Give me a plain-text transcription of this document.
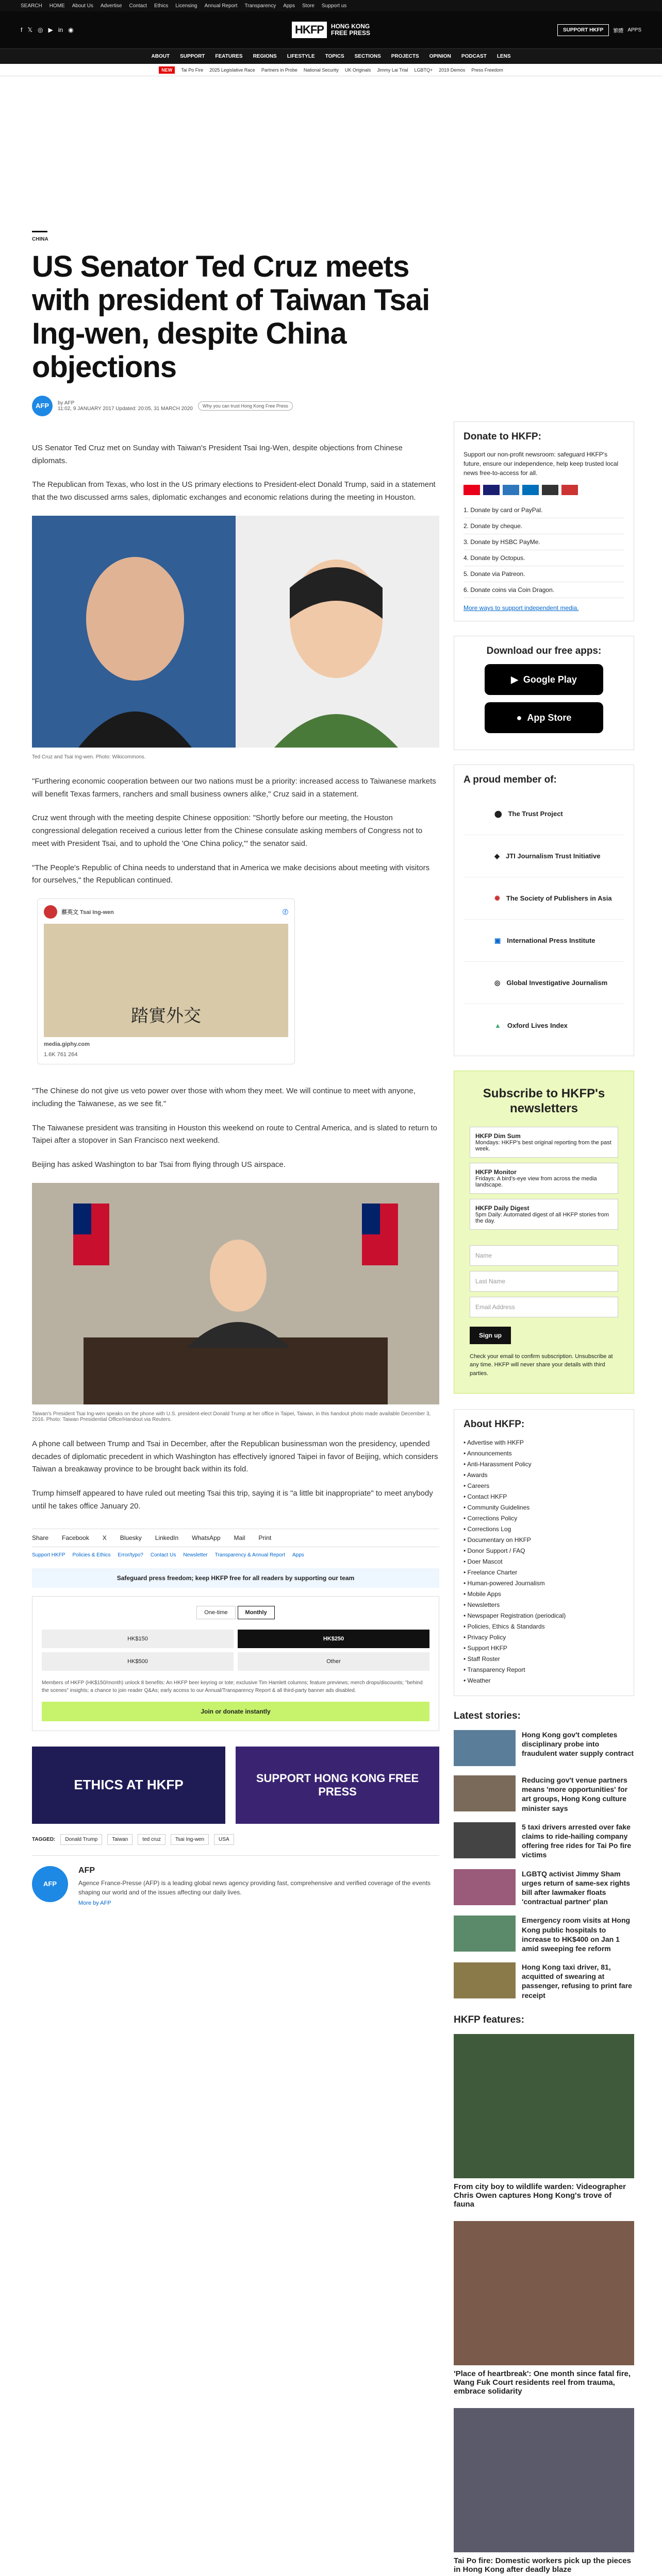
SEARCH HOME About Us Advertise Contact Ethics Licensing Annual Report Transparency Apps Store Support us
f 𝕏 ◎ ▶ in ◉	HKFP	HONG KONG
FREE PRESS	SUPPORT HKFP	繁體 APPS
ABOUT SUPPORT FEATURES REGIONS LIFESTYLE TOPICS SECTIONS PROJECTS OPINION PODCAST LENS
NEW	Tai Po Fire 2025 Legislative Race Partners in Probe National Security UK Originals Jimmy Lai Trial LGBTQ+ 2019 Demos Press Freedom
CHINA
US Senator Ted Cruz meets with president of Taiwan Tsai Ing-wen, despite China objections
AFP	by AFP
11:02, 9 JANUARY 2017 Updated: 20:05, 31 MARCH 2020	Why you can trust Hong Kong Free Press

US Senator Ted Cruz met on Sunday with Taiwan's President Tsai Ing-Wen, despite objections from Chinese diplomats.

The Republican from Texas, who lost in the US primary elections to President-elect Donald Trump, said in a statement that the two discussed arms sales, diplomatic exchanges and economic relations during the meeting in Houston.

Ted Cruz and Tsai Ing-wen. Photo: Wikicommons.

"Furthering economic cooperation between our two nations must be a priority: increased access to Taiwanese markets will benefit Texas farmers, ranchers and small business owners alike," Cruz said in a statement.

Cruz went through with the meeting despite Chinese opposition: "Shortly before our meeting, the Houston congressional delegation received a curious letter from the Chinese consulate asking members of Congress not to meet with President Tsai, and to uphold the 'One China policy,'" the senator said.

"The People's Republic of China needs to understand that in America we make decisions about meeting with visitors for ourselves," the Republican continued.

蔡英文 Tsai Ing-wen	ⓕ
踏實外交
media.giphy.com
1.6K 761 264

"The Chinese do not give us veto power over those with whom they meet. We will continue to meet with anyone, including the Taiwanese, as we see fit."

The Taiwanese president was transiting in Houston this weekend on route to Central America, and is slated to return to Taipei after a stopover in San Francisco next weekend.

Beijing has asked Washington to bar Tsai from flying through US airspace.

Taiwan's President Tsai Ing-wen speaks on the phone with U.S. president-elect Donald Trump at her office in Taipei, Taiwan, in this handout photo made available December 3, 2016. Photo: Taiwan Presidential Office/Handout via Reuters.

A phone call between Trump and Tsai in December, after the Republican businessman won the presidency, upended decades of diplomatic precedent in which Washington has effectively ignored Taipei in favor of Beijing, which considers Taiwan a breakaway province to be brought back within its fold.

Trump himself appeared to have ruled out meeting Tsai this trip, saying it is "a little bit inappropriate" to meet anybody until he takes office January 20.

Share Facebook X Bluesky LinkedIn WhatsApp Mail Print
Support HKFP Policies & Ethics Error/typo? Contact Us Newsletter Transparency & Annual Report Apps
Safeguard press freedom; keep HKFP free for all readers by supporting our team
One-time	Monthly
HK$150	HK$250
HK$500	Other
Members of HKFP (HK$150/month) unlock 8 benefits: An HKFP beer keyring or tote; exclusive Tim Hamlett columns; feature previews; merch drops/discounts; "behind the scenes" insights; a chance to join reader Q&As; early access to our Annual/Transparency Report & all third-party banner ads disabled.
Join or donate instantly
ETHICS AT HKFP	SUPPORT HONG KONG FREE PRESS
TAGGED:	Donald Trump	Taiwan	ted cruz	Tsai Ing-wen	USA
AFP
AFP
Agence France-Presse (AFP) is a leading global news agency providing fast, comprehensive and verified coverage of the events shaping our world and of the issues affecting our daily lives.
More by AFP
Donate to HKFP:
Support our non-profit newsroom: safeguard HKFP's future, ensure our independence, help keep trusted local news free-to-access for all.
1. Donate by card or PayPal.
2. Donate by cheque.
3. Donate by HSBC PayMe.
4. Donate by Octopus.
5. Donate via Patreon.
6. Donate coins via Coin Dragon.
More ways to support independent media.
Download our free apps:
▶ Google Play
● App Store
A proud member of:
⬤ The Trust Project
◆ JTI Journalism Trust Initiative
✺ The Society of Publishers in Asia
▣ International Press Institute
◎ Global Investigative Journalism
▲ Oxford Lives Index
Subscribe to HKFP's newsletters
HKFP Dim Sum
Mondays: HKFP's best original reporting from the past week.
HKFP Monitor
Fridays: A bird's-eye view from across the media landscape.
HKFP Daily Digest
5pm Daily: Automated digest of all HKFP stories from the day.
Name
Last Name
Email Address
Sign up
Check your email to confirm subscription. Unsubscribe at any time. HKFP will never share your details with third parties.
About HKFP:
• Advertise with HKFP
• Announcements
• Anti-Harassment Policy
• Awards
• Careers
• Contact HKFP
• Community Guidelines
• Corrections Policy
• Corrections Log
• Documentary on HKFP
• Donor Support / FAQ
• Doer Mascot
• Freelance Charter
• Human-powered Journalism
• Mobile Apps
• Newsletters
• Newspaper Registration (periodical)
• Policies, Ethics & Standards
• Privacy Policy
• Support HKFP
• Staff Roster
• Transparency Report
• Weather
Latest stories:
Hong Kong gov't completes disciplinary probe into fraudulent water supply contract
Reducing gov't venue partners means 'more opportunities' for art groups, Hong Kong culture minister says
5 taxi drivers arrested over fake claims to ride-hailing company offering free rides for Tai Po fire victims
LGBTQ activist Jimmy Sham urges return of same-sex rights bill after lawmaker floats 'contractual partner' plan
Emergency room visits at Hong Kong public hospitals to increase to HK$400 on Jan 1 amid sweeping fee reform
Hong Kong taxi driver, 81, acquitted of swearing at passenger, refusing to print fare receipt
HKFP features:
From city boy to wildlife warden: Videographer Chris Owen captures Hong Kong's trove of fauna
'Place of heartbreak': One month since fatal fire, Wang Fuk Court residents reel from trauma, embrace solidarity
Tai Po fire: Domestic workers pick up the pieces in Hong Kong after deadly blaze
